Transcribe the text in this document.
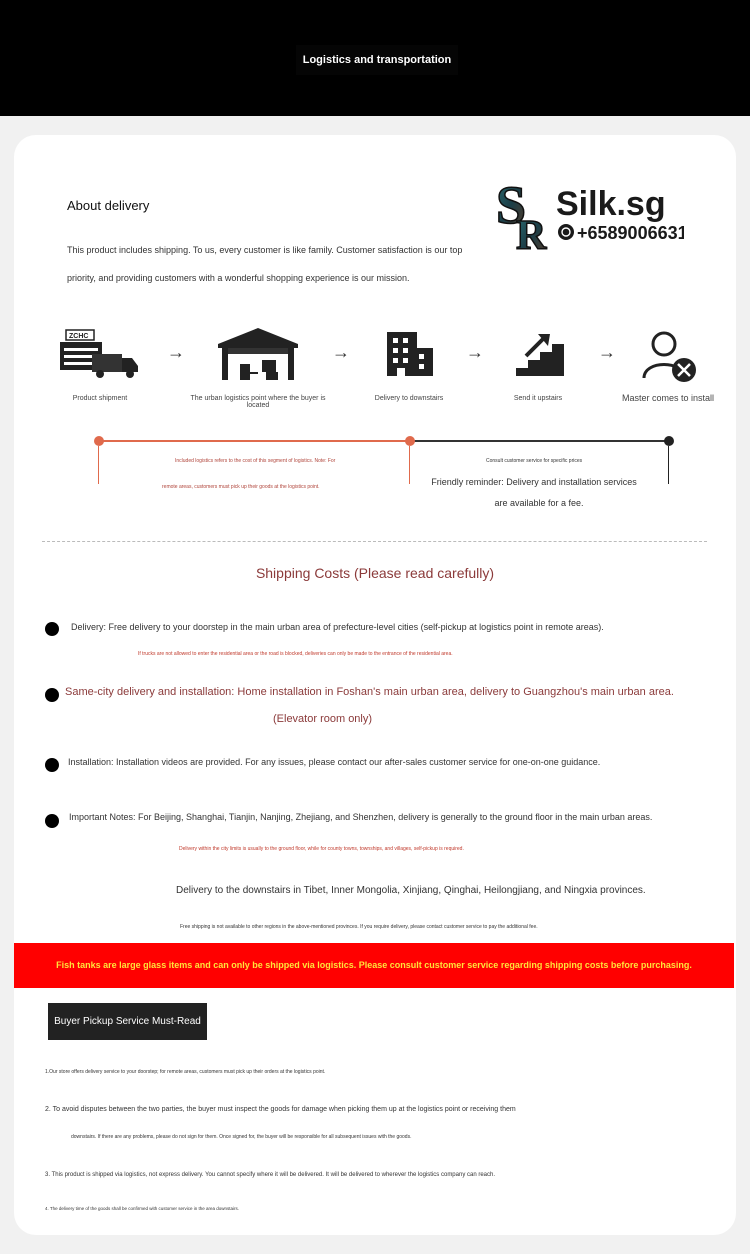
Logistics and transportation
About delivery
This product includes shipping. To us, every customer is like family. Customer satisfaction is our top priority, and providing customers with a wonderful shopping experience is our mission.
S
R
Silk.sg
+6589006631
ZCHC
Product shipment
→
The urban logistics point where the buyer is located
→
Delivery to downstairs
→
Send it upstairs
→
Master comes to install
Included logistics refers to the cost of this segment of logistics. Note: For
remote areas, customers must pick up their goods at the logistics point.
Consult customer service for specific prices
Friendly reminder: Delivery and installation services
are available for a fee.
Shipping Costs (Please read carefully)
Delivery: Free delivery to your doorstep in the main urban area of prefecture-level cities (self-pickup at logistics point in remote areas).
If trucks are not allowed to enter the residential area or the road is blocked, deliveries can only be made to the entrance of the residential area.
Same-city delivery and installation: Home installation in Foshan's main urban area, delivery to Guangzhou's main urban area.
(Elevator room only)
Installation: Installation videos are provided. For any issues, please contact our after-sales customer service for one-on-one guidance.
Important Notes: For Beijing, Shanghai, Tianjin, Nanjing, Zhejiang, and Shenzhen, delivery is generally to the ground floor in the main urban areas.
Delivery within the city limits is usually to the ground floor, while for county towns, townships, and villages, self-pickup is required.
Delivery to the downstairs in Tibet, Inner Mongolia, Xinjiang, Qinghai, Heilongjiang, and Ningxia provinces.
Free shipping is not available to other regions in the above-mentioned provinces. If you require delivery, please contact customer service to pay the additional fee.
Fish tanks are large glass items and can only be shipped via logistics. Please consult customer service regarding shipping costs before purchasing.
Buyer Pickup Service Must-Read
1.Our store offers delivery service to your doorstep; for remote areas, customers must pick up their orders at the logistics point.
2. To avoid disputes between the two parties, the buyer must inspect the goods for damage when picking them up at the logistics point or receiving them
downstairs. If there are any problems, please do not sign for them. Once signed for, the buyer will be responsible for all subsequent issues with the goods.
3. This product is shipped via logistics, not express delivery. You cannot specify where it will be delivered. It will be delivered to wherever the logistics company can reach.
4. The delivery time of the goods shall be confirmed with customer service in the area downstairs.
